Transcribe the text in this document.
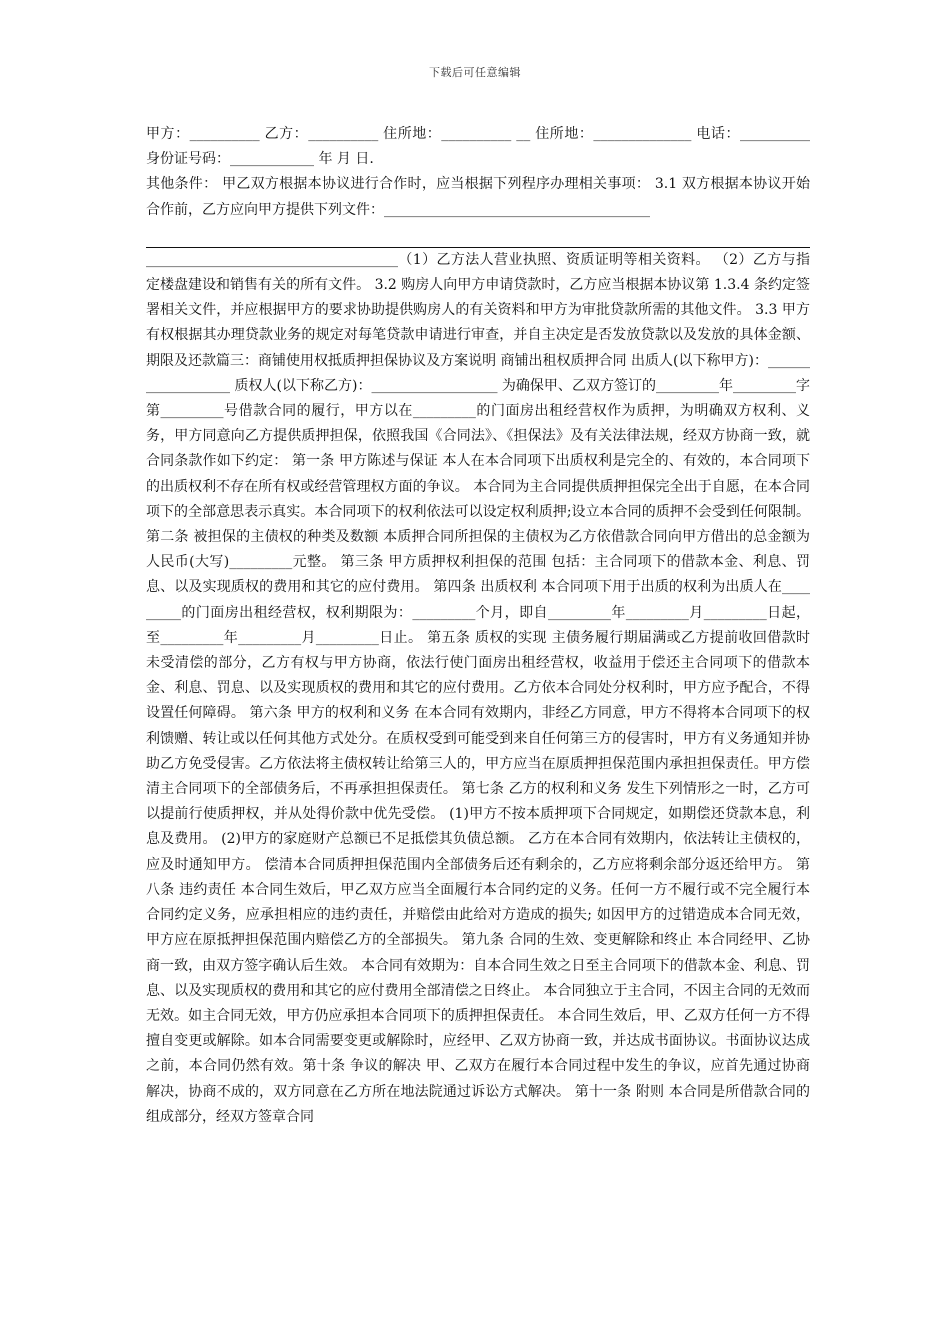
下载后可任意编辑

甲方：__________ 乙方：__________ 住所地：__________ __ 住所地：______________ 电话：__________ 身份证号码：____________ 年 月 日.

其他条件： 甲乙双方根据本协议进行合作时，应当根据下列程序办理相关事项： 3.1 双方根据本协议开始合作前，乙方应向甲方提供下列文件：______________________________________

____________________________________（1）乙方法人营业执照、资质证明等相关资料。 （2）乙方与指定楼盘建设和销售有关的所有文件。 3.2 购房人向甲方申请贷款时，乙方应当根据本协议第 1.3.4 条约定签署相关文件，并应根据甲方的要求协助提供购房人的有关资料和甲方为审批贷款所需的其他文件。 3.3 甲方有权根据其办理贷款业务的规定对每笔贷款申请进行审查，并自主决定是否发放贷款以及发放的具体金额、期限及还款篇三：商铺使用权抵质押担保协议及方案说明 商铺出租权质押合同 出质人(以下称甲方)：__________________ 质权人(以下称乙方)：__________________ 为确保甲、乙双方签订的_________年_________字第_________号借款合同的履行，甲方以在_________的门面房出租经营权作为质押，为明确双方权利、义务，甲方同意向乙方提供质押担保，依照我国《合同法》、《担保法》及有关法律法规，经双方协商一致，就合同条款作如下约定： 第一条 甲方陈述与保证 本人在本合同项下出质权利是完全的、有效的，本合同项下的出质权利不存在所有权或经营管理权方面的争议。 本合同为主合同提供质押担保完全出于自愿，在本合同项下的全部意思表示真实。本合同项下的权利依法可以设定权利质押;设立本合同的质押不会受到任何限制。 第二条 被担保的主债权的种类及数额 本质押合同所担保的主债权为乙方依借款合同向甲方借出的总金额为人民币(大写)_________元整。 第三条 甲方质押权利担保的范围 包括：主合同项下的借款本金、利息、罚息、以及实现质权的费用和其它的应付费用。 第四条 出质权利 本合同项下用于出质的权利为出质人在_________的门面房出租经营权，权利期限为：_________个月，即自_________年_________月_________日起，至_________年_________月_________日止。 第五条 质权的实现 主债务履行期届满或乙方提前收回借款时未受清偿的部分，乙方有权与甲方协商，依法行使门面房出租经营权，收益用于偿还主合同项下的借款本金、利息、罚息、以及实现质权的费用和其它的应付费用。乙方依本合同处分权利时，甲方应予配合，不得设置任何障碍。 第六条 甲方的权利和义务 在本合同有效期内，非经乙方同意，甲方不得将本合同项下的权利馈赠、转让或以任何其他方式处分。在质权受到可能受到来自任何第三方的侵害时，甲方有义务通知并协助乙方免受侵害。乙方依法将主债权转让给第三人的，甲方应当在原质押担保范围内承担担保责任。甲方偿清主合同项下的全部债务后，不再承担担保责任。 第七条 乙方的权利和义务 发生下列情形之一时，乙方可以提前行使质押权，并从处得价款中优先受偿。 (1)甲方不按本质押项下合同规定，如期偿还贷款本息，利息及费用。 (2)甲方的家庭财产总额已不足抵偿其负债总额。 乙方在本合同有效期内，依法转让主债权的，应及时通知甲方。 偿清本合同质押担保范围内全部债务后还有剩余的，乙方应将剩余部分返还给甲方。 第八条 违约责任 本合同生效后，甲乙双方应当全面履行本合同约定的义务。任何一方不履行或不完全履行本合同约定义务，应承担相应的违约责任，并赔偿由此给对方造成的损失; 如因甲方的过错造成本合同无效，甲方应在原抵押担保范围内赔偿乙方的全部损失。 第九条 合同的生效、变更解除和终止 本合同经甲、乙协商一致，由双方签字确认后生效。 本合同有效期为：自本合同生效之日至主合同项下的借款本金、利息、罚息、以及实现质权的费用和其它的应付费用全部清偿之日终止。 本合同独立于主合同，不因主合同的无效而无效。如主合同无效，甲方仍应承担本合同项下的质押担保责任。 本合同生效后，甲、乙双方任何一方不得擅自变更或解除。如本合同需要变更或解除时，应经甲、乙双方协商一致，并达成书面协议。书面协议达成之前，本合同仍然有效。第十条 争议的解决 甲、乙双方在履行本合同过程中发生的争议，应首先通过协商解决，协商不成的，双方同意在乙方所在地法院通过诉讼方式解决。 第十一条 附则 本合同是所借款合同的组成部分，经双方签章合同
